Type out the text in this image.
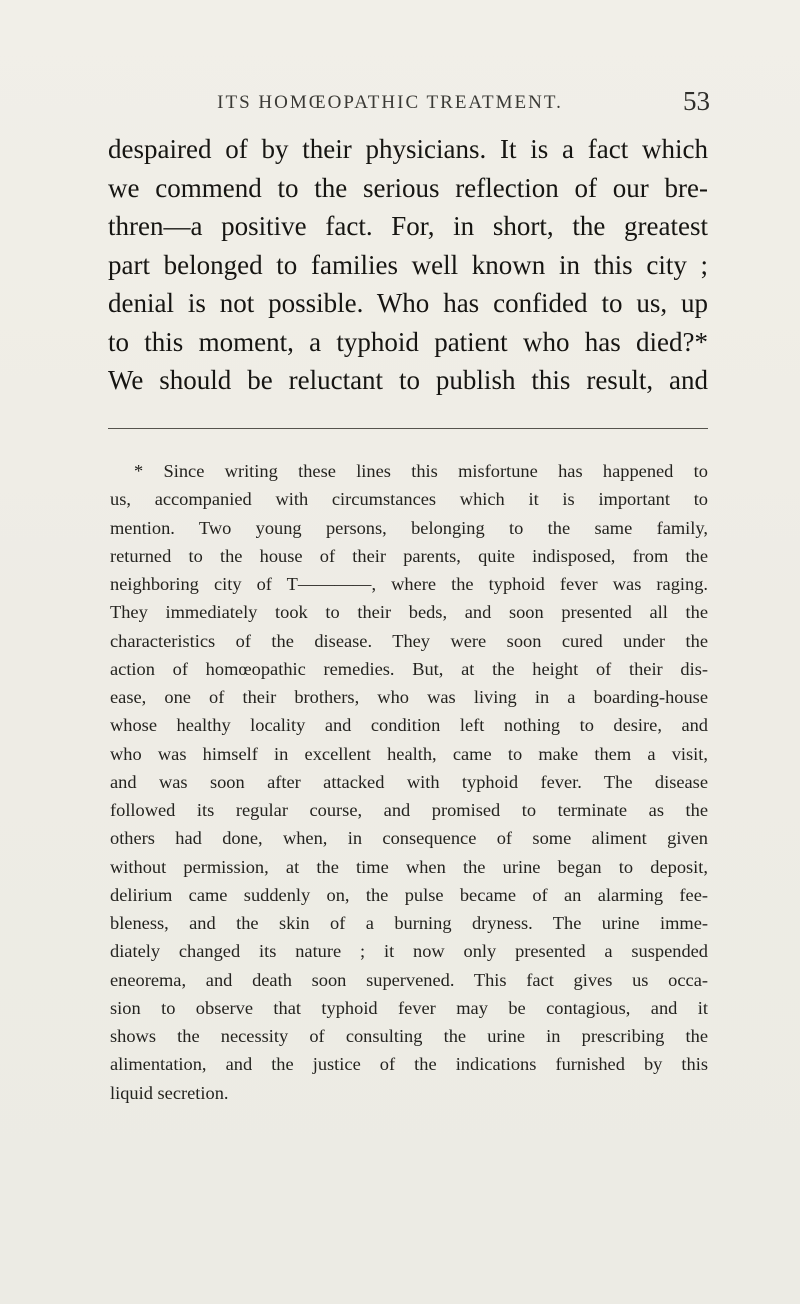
ITS HOMŒOPATHIC TREATMENT.	53
despaired of by their physicians. It is a fact which
we commend to the serious reflection of our bre-
thren—a positive fact. For, in short, the greatest
part belonged to families well known in this city ;
denial is not possible. Who has confided to us, up
to this moment, a typhoid patient who has died?*
We should be reluctant to publish this result, and
* Since writing these lines this misfortune has happened to
us, accompanied with circumstances which it is important to
mention. Two young persons, belonging to the same family,
returned to the house of their parents, quite indisposed, from the
neighboring city of T————, where the typhoid fever was raging.
They immediately took to their beds, and soon presented all the
characteristics of the disease. They were soon cured under the
action of homœopathic remedies. But, at the height of their dis-
ease, one of their brothers, who was living in a boarding-house
whose healthy locality and condition left nothing to desire, and
who was himself in excellent health, came to make them a visit,
and was soon after attacked with typhoid fever. The disease
followed its regular course, and promised to terminate as the
others had done, when, in consequence of some aliment given
without permission, at the time when the urine began to deposit,
delirium came suddenly on, the pulse became of an alarming fee-
bleness, and the skin of a burning dryness. The urine imme-
diately changed its nature ; it now only presented a suspended
eneorema, and death soon supervened. This fact gives us occa-
sion to observe that typhoid fever may be contagious, and it
shows the necessity of consulting the urine in prescribing the
alimentation, and the justice of the indications furnished by this
liquid secretion.
